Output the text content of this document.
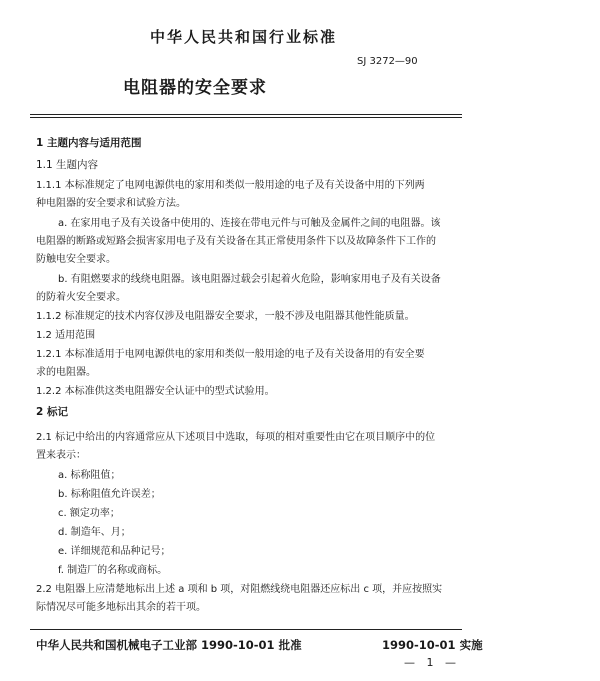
中华人民共和国行业标准
SJ 3272—90
电阻器的安全要求
1 主题内容与适用范围
1.1 生题内容
1.1.1 本标准规定了电网电源供电的家用和类似一般用途的电子及有关设备中用的下列两
种电阻器的安全要求和试验方法。
a. 在家用电子及有关设备中使用的、连接在带电元件与可触及金属件之间的电阻器。该
电阻器的断路或短路会损害家用电子及有关设备在其正常使用条件下以及故障条件下工作的
防触电安全要求。
b. 有阻燃要求的线绕电阻器。该电阻器过载会引起着火危险，影响家用电子及有关设备
的防着火安全要求。
1.1.2 标准规定的技术内容仅涉及电阻器安全要求，一般不涉及电阻器其他性能质量。
1.2 适用范围
1.2.1 本标准适用于电网电源供电的家用和类似一般用途的电子及有关设备用的有安全要
求的电阻器。
1.2.2 本标准供这类电阻器安全认证中的型式试验用。
2 标记
2.1 标记中给出的内容通常应从下述项目中选取，每项的相对重要性由它在项目顺序中的位
置来表示：
a. 标称阻值；
b. 标称阻值允许误差；
c. 额定功率；
d. 制造年、月；
e. 详细规范和品种记号；
f. 制造厂的名称或商标。
2.2 电阻器上应清楚地标出上述 a 项和 b 项，对阻燃线绕电阻器还应标出 c 项，并应按照实
际情况尽可能多地标出其余的若干项。
中华人民共和国机械电子工业部 1990-10-01 批准	1990-10-01 实施
— 1 —
